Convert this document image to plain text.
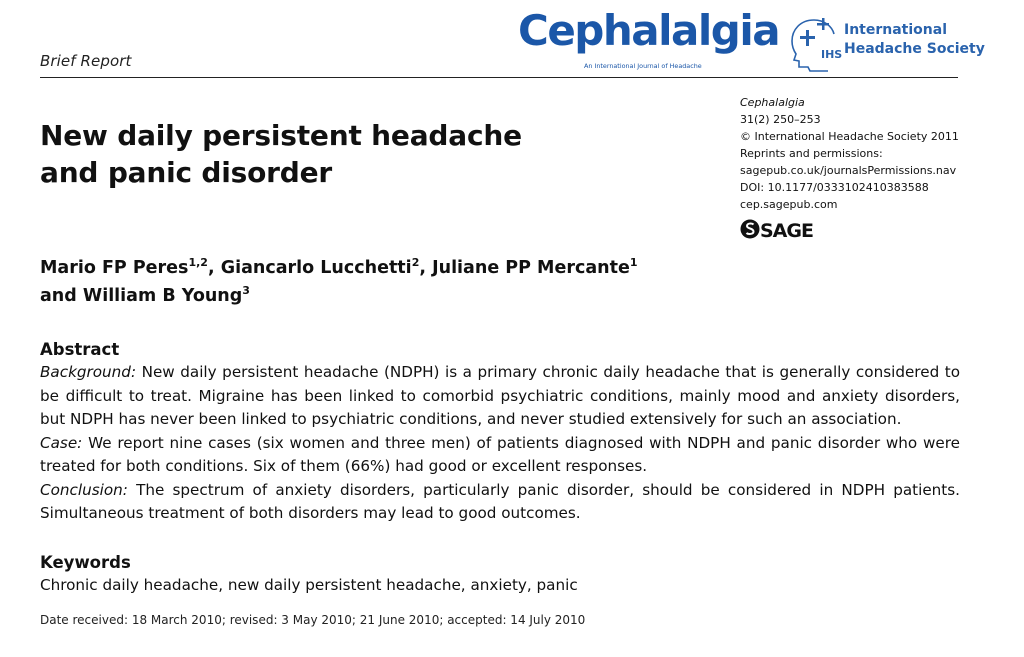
Brief Report
Cephalalgia
An International Journal of Headache
IHS
International
Headache Society
New daily persistent headache
and panic disorder
Cephalalgia
31(2) 250–253
© International Headache Society 2011
Reprints and permissions:
sagepub.co.uk/journalsPermissions.nav
DOI: 10.1177/0333102410383588
cep.sagepub.com
SAGE
Mario FP Peres$^{1,2}$, Giancarlo Lucchetti$^2$, Juliane PP Mercante$^1$
and William B Young$^3$
Abstract

Background: New daily persistent headache (NDPH) is a primary chronic daily headache that is generally considered to be difficult to treat. Migraine has been linked to comorbid psychiatric conditions, mainly mood and anxiety disorders, but NDPH has never been linked to psychiatric conditions, and never studied extensively for such an association.

Case: We report nine cases (six women and three men) of patients diagnosed with NDPH and panic disorder who were treated for both conditions. Six of them (66%) had good or excellent responses.

Conclusion: The spectrum of anxiety disorders, particularly panic disorder, should be considered in NDPH patients. Simultaneous treatment of both disorders may lead to good outcomes.

Keywords
Chronic daily headache, new daily persistent headache, anxiety, panic
Date received: 18 March 2010; revised: 3 May 2010; 21 June 2010; accepted: 14 July 2010
